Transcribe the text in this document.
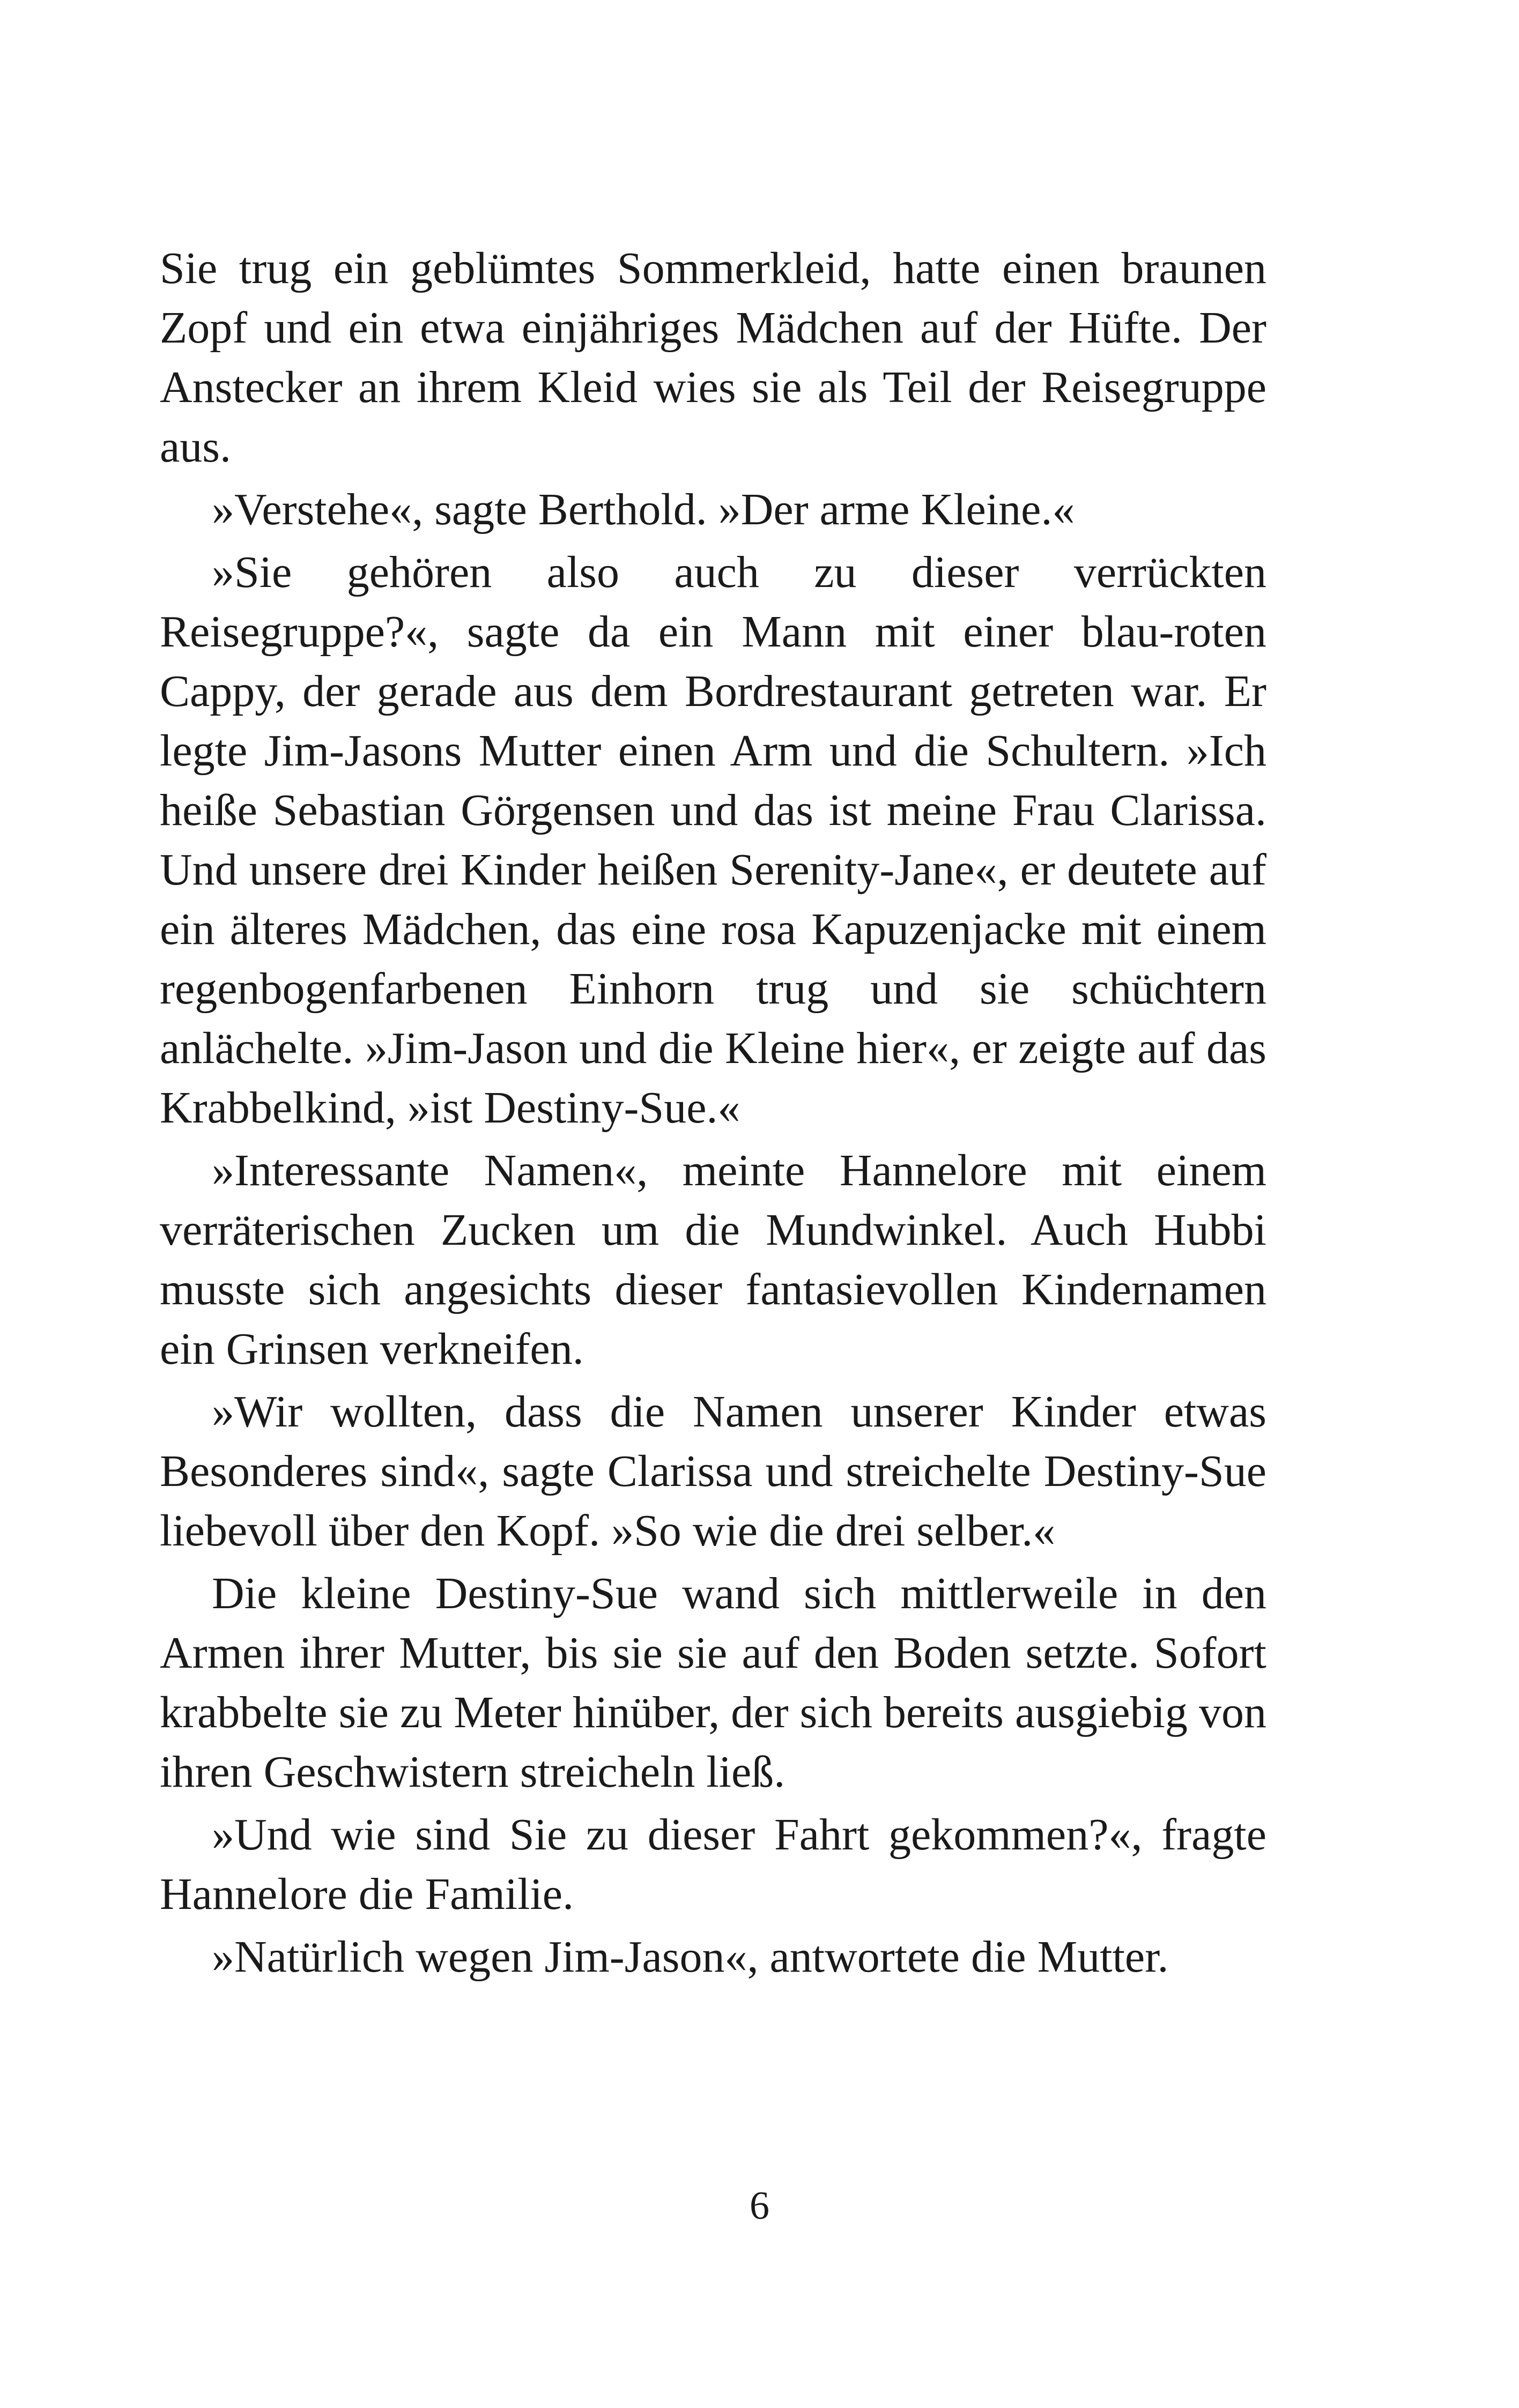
Sie trug ein geblümtes Sommerkleid, hatte einen braunen Zopf und ein etwa einjähriges Mädchen auf der Hüfte. Der Anstecker an ihrem Kleid wies sie als Teil der Reisegruppe aus.

»Verstehe«, sagte Berthold. »Der arme Kleine.«

»Sie gehören also auch zu dieser verrückten Reisegruppe?«, sagte da ein Mann mit einer blau-roten Cappy, der gerade aus dem Bordrestaurant getreten war. Er legte Jim-Jasons Mutter einen Arm und die Schultern. »Ich heiße Sebastian Görgensen und das ist meine Frau Clarissa. Und unsere drei Kinder heißen Serenity-Jane«, er deutete auf ein älteres Mädchen, das eine rosa Kapuzenjacke mit einem regenbogenfarbenen Einhorn trug und sie schüchtern anlächelte. »Jim-Jason und die Kleine hier«, er zeigte auf das Krabbelkind, »ist Destiny-Sue.«

»Interessante Namen«, meinte Hannelore mit einem verräterischen Zucken um die Mundwinkel. Auch Hubbi musste sich angesichts dieser fantasievollen Kindernamen ein Grinsen verkneifen.

»Wir wollten, dass die Namen unserer Kinder etwas Besonderes sind«, sagte Clarissa und streichelte Destiny-Sue liebevoll über den Kopf. »So wie die drei selber.«

Die kleine Destiny-Sue wand sich mittlerweile in den Armen ihrer Mutter, bis sie sie auf den Boden setzte. Sofort krabbelte sie zu Meter hinüber, der sich bereits ausgiebig von ihren Geschwistern streicheln ließ.

»Und wie sind Sie zu dieser Fahrt gekommen?«, fragte Hannelore die Familie.

»Natürlich wegen Jim-Jason«, antwortete die Mutter.

6
